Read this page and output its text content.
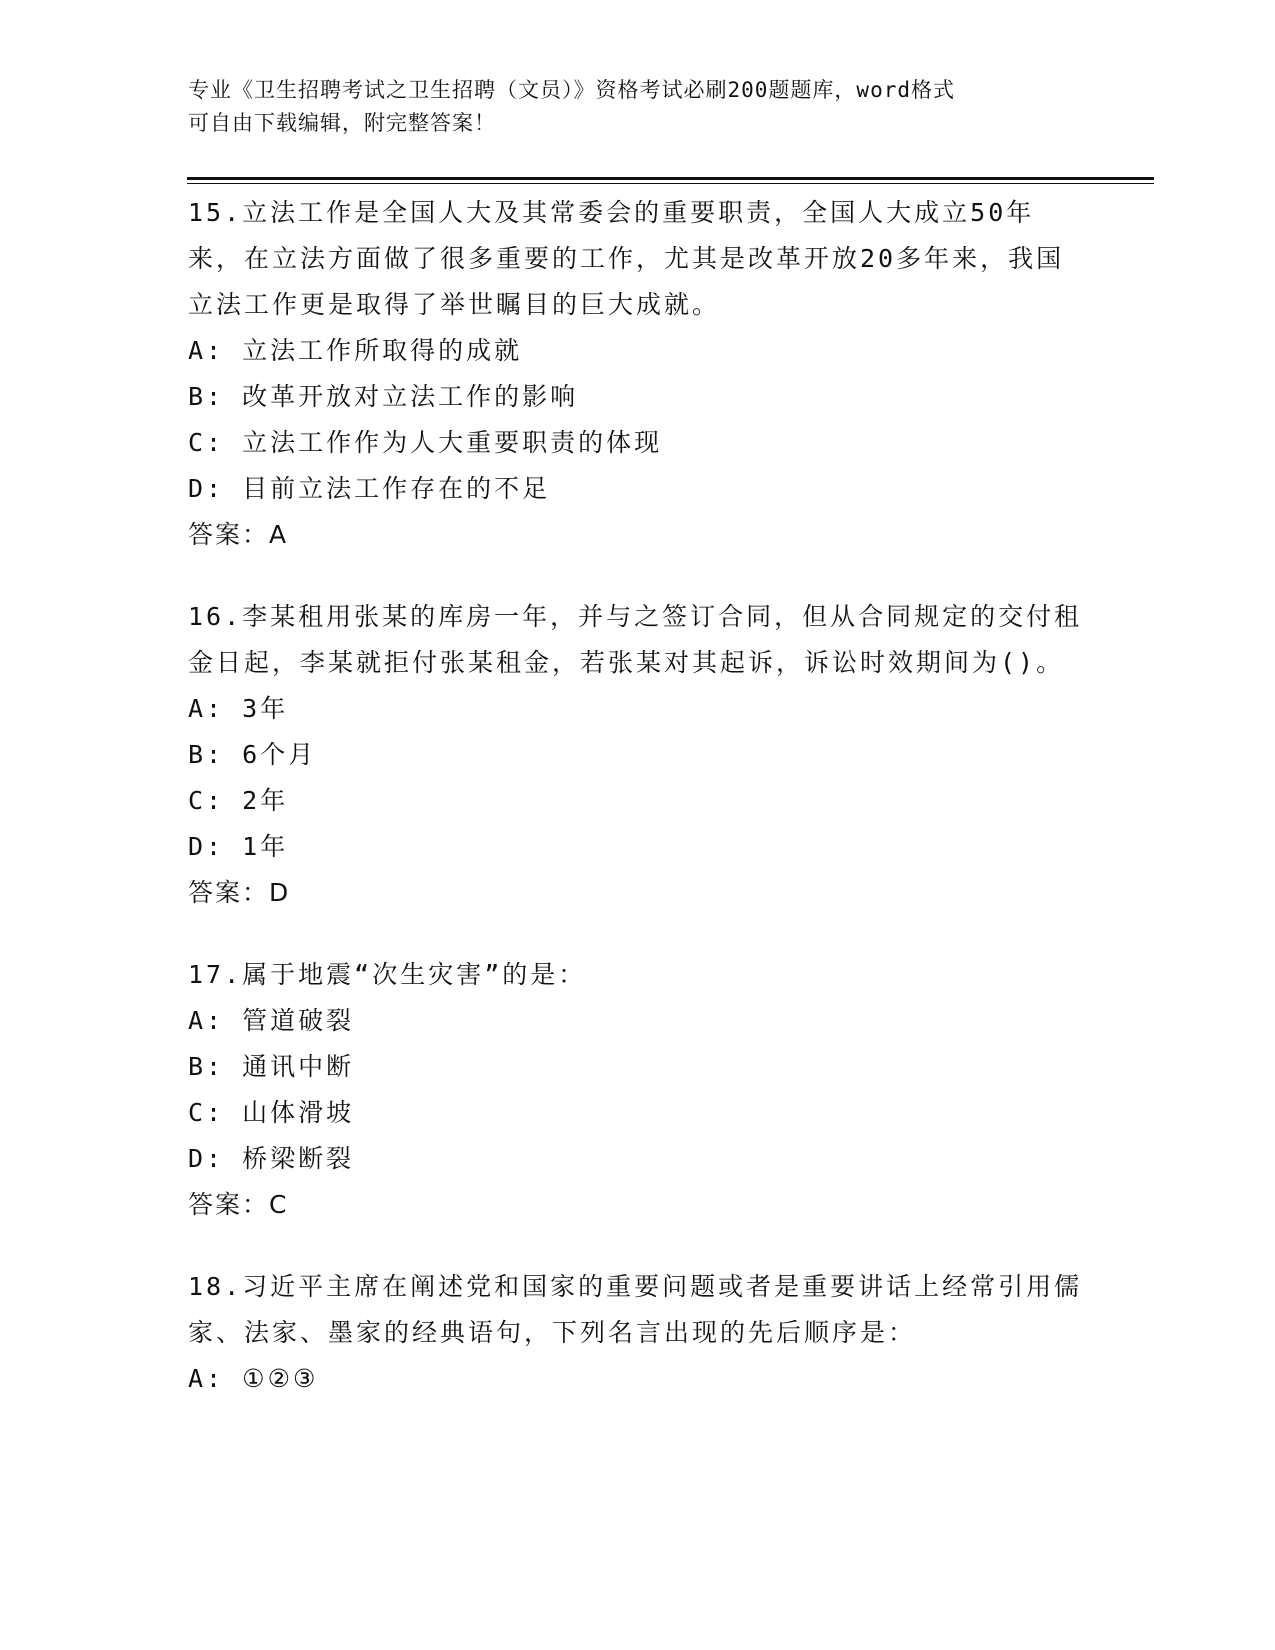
专业《卫生招聘考试之卫生招聘（文员）》资格考试必刷200题题库，word格式
可自由下载编辑，附完整答案！
15.立法工作是全国人大及其常委会的重要职责，全国人大成立50年来，在立法方面做了很多重要的工作，尤其是改革开放20多年来，我国立法工作更是取得了举世瞩目的巨大成就。
A: 立法工作所取得的成就
B: 改革开放对立法工作的影响
C: 立法工作作为人大重要职责的体现
D: 目前立法工作存在的不足
答案：A
16.李某租用张某的库房一年，并与之签订合同，但从合同规定的交付租金日起，李某就拒付张某租金，若张某对其起诉，诉讼时效期间为()。
A: 3年
B: 6个月
C: 2年
D: 1年
答案：D
17.属于地震“次生灾害”的是：
A: 管道破裂
B: 通讯中断
C: 山体滑坡
D: 桥梁断裂
答案：C
18.习近平主席在阐述党和国家的重要问题或者是重要讲话上经常引用儒家、法家、墨家的经典语句，下列名言出现的先后顺序是：
A: ①②③
